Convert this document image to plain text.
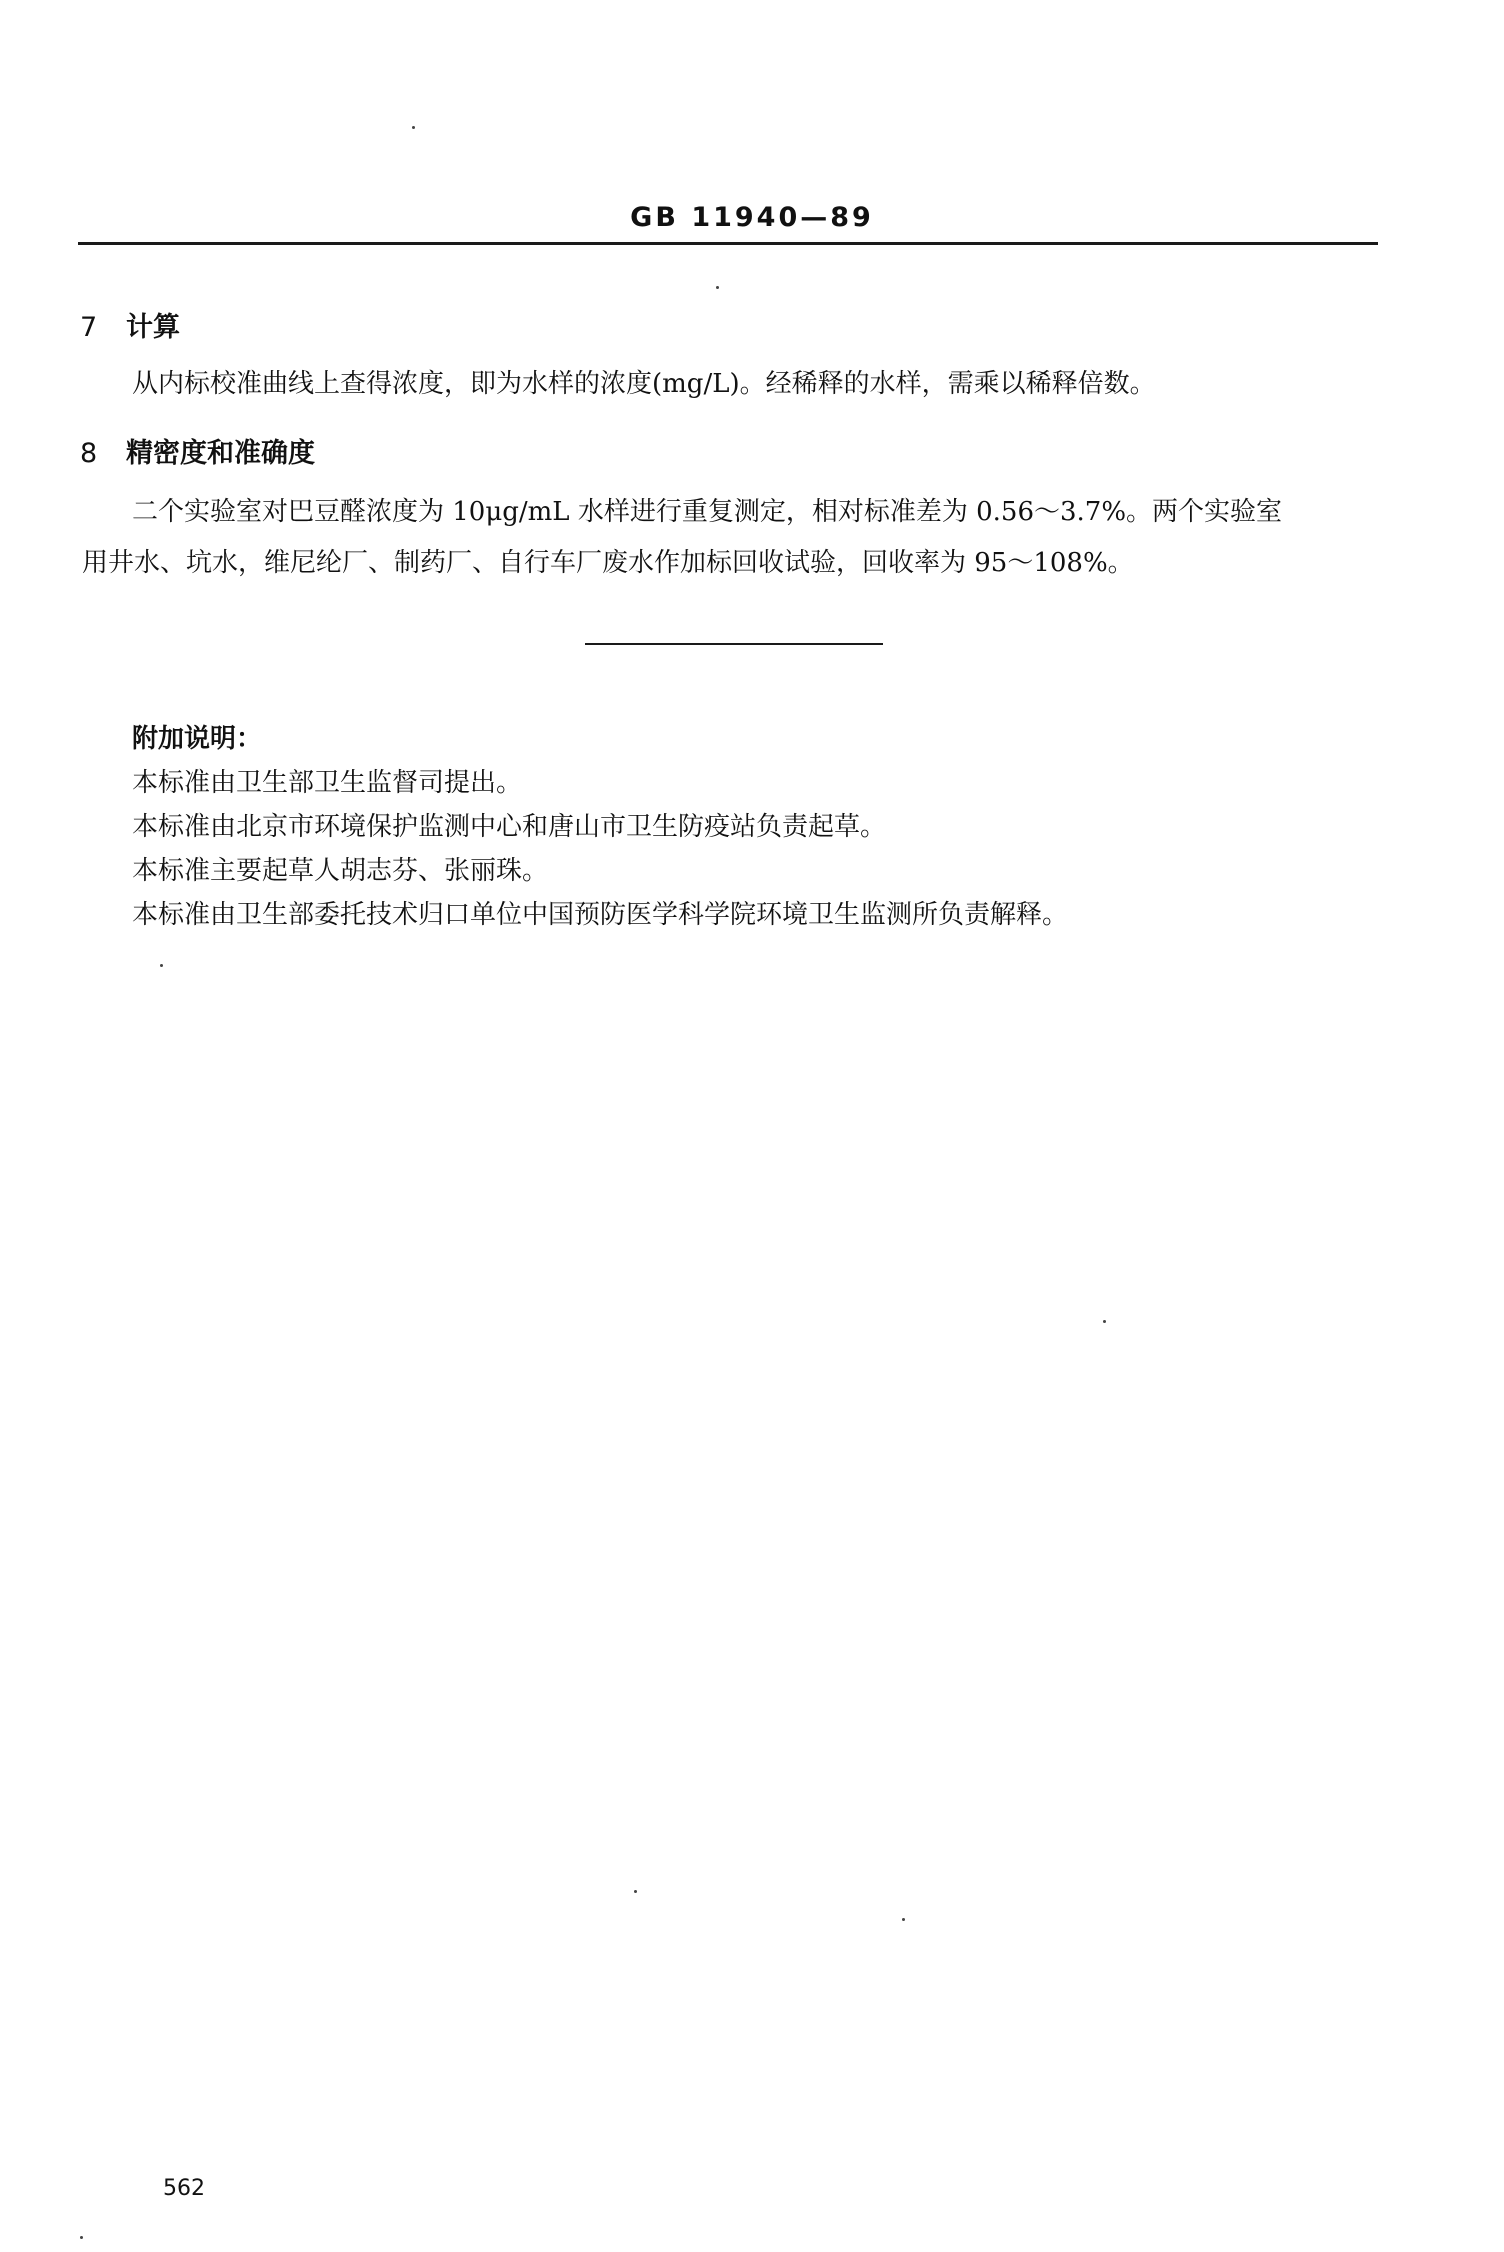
GB 11940—89
7 计算
从内标校准曲线上查得浓度，即为水样的浓度(mg/L)。经稀释的水样，需乘以稀释倍数。
8 精密度和准确度
二个实验室对巴豆醛浓度为 10μg/mL 水样进行重复测定，相对标准差为 0.56～3.7%。两个实验室
用井水、坑水，维尼纶厂、制药厂、自行车厂废水作加标回收试验，回收率为 95～108%。
附加说明：
本标准由卫生部卫生监督司提出。
本标准由北京市环境保护监测中心和唐山市卫生防疫站负责起草。
本标准主要起草人胡志芬、张丽珠。
本标准由卫生部委托技术归口单位中国预防医学科学院环境卫生监测所负责解释。
562
